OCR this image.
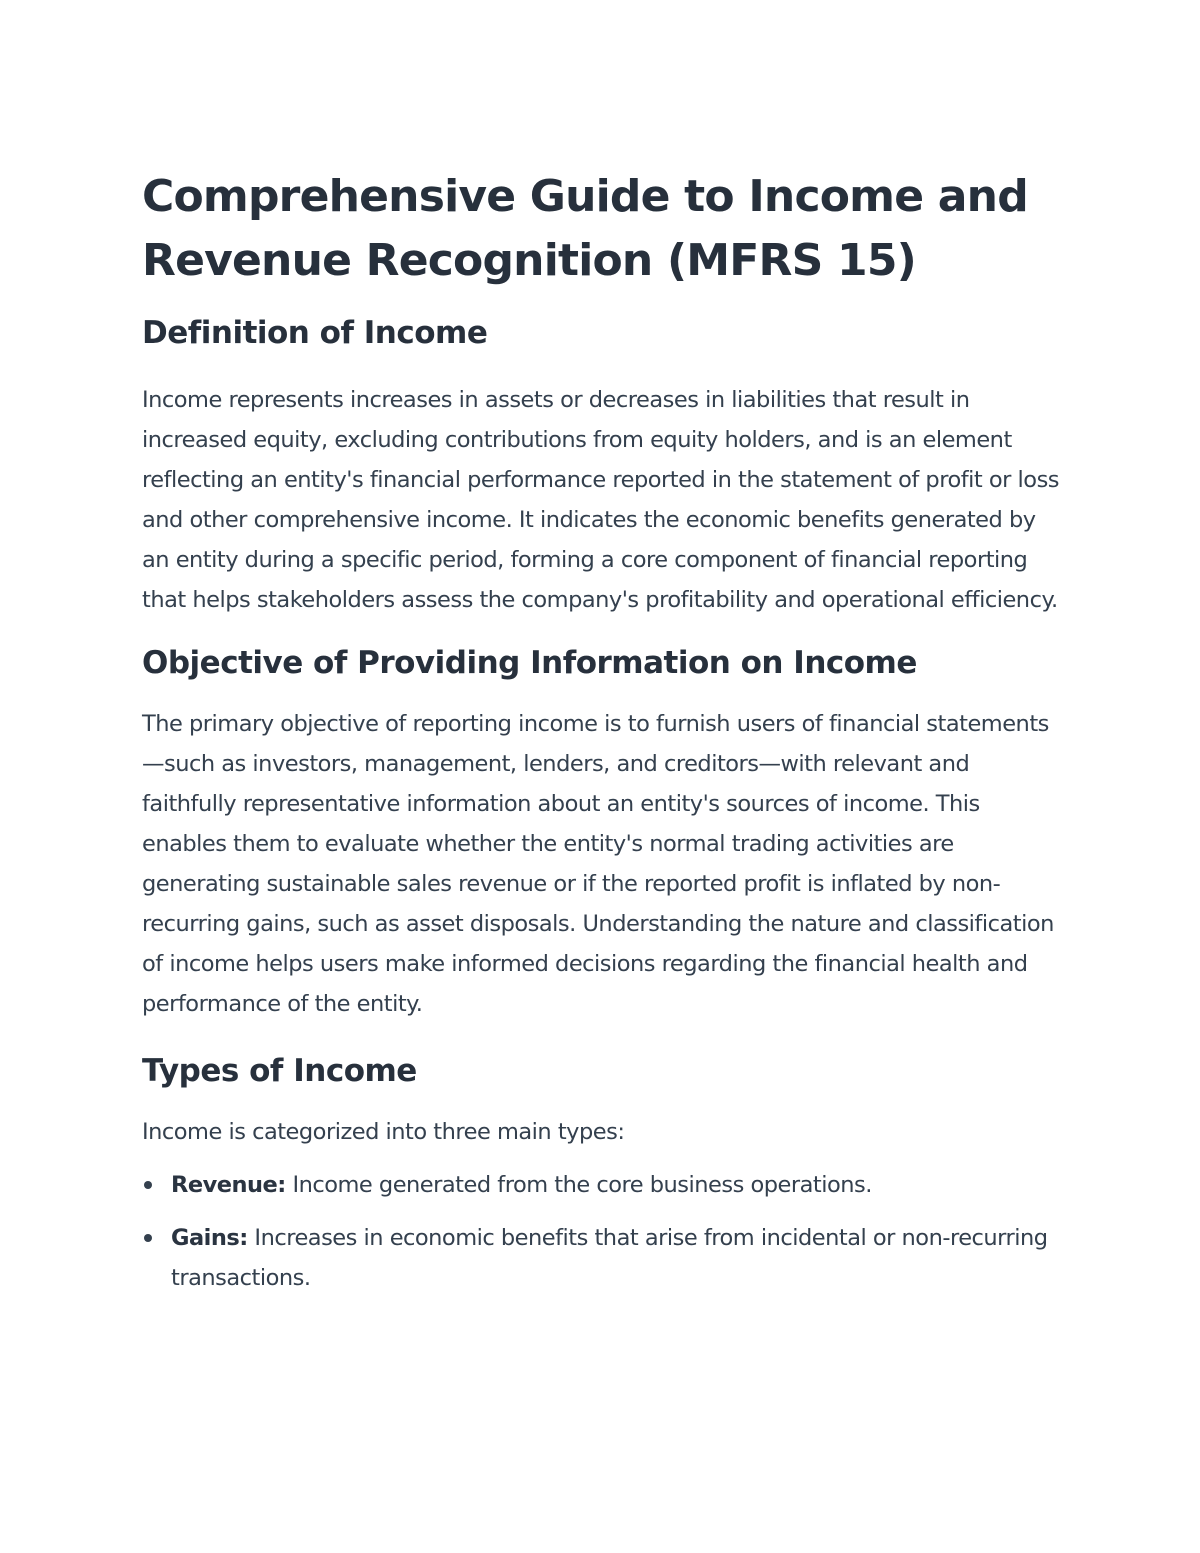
Comprehensive Guide to Income and Revenue Recognition (MFRS 15)
Definition of Income

Income represents increases in assets or decreases in liabilities that result in increased equity, excluding contributions from equity holders, and is an element reflecting an entity's financial performance reported in the statement of profit or loss and other comprehensive income. It indicates the economic benefits generated by an entity during a specific period, forming a core component of financial reporting that helps stakeholders assess the company's profitability and operational efficiency.

Objective of Providing Information on Income

The primary objective of reporting income is to furnish users of financial statements—such as investors, management, lenders, and creditors—with relevant and faithfully representative information about an entity's sources of income. This enables them to evaluate whether the entity's normal trading activities are generating sustainable sales revenue or if the reported profit is inflated by non-recurring gains, such as asset disposals. Understanding the nature and classification of income helps users make informed decisions regarding the financial health and performance of the entity.

Types of Income

Income is categorized into three main types:

Revenue: Income generated from the core business operations.
Gains: Increases in economic benefits that arise from incidental or non-recurring transactions.
